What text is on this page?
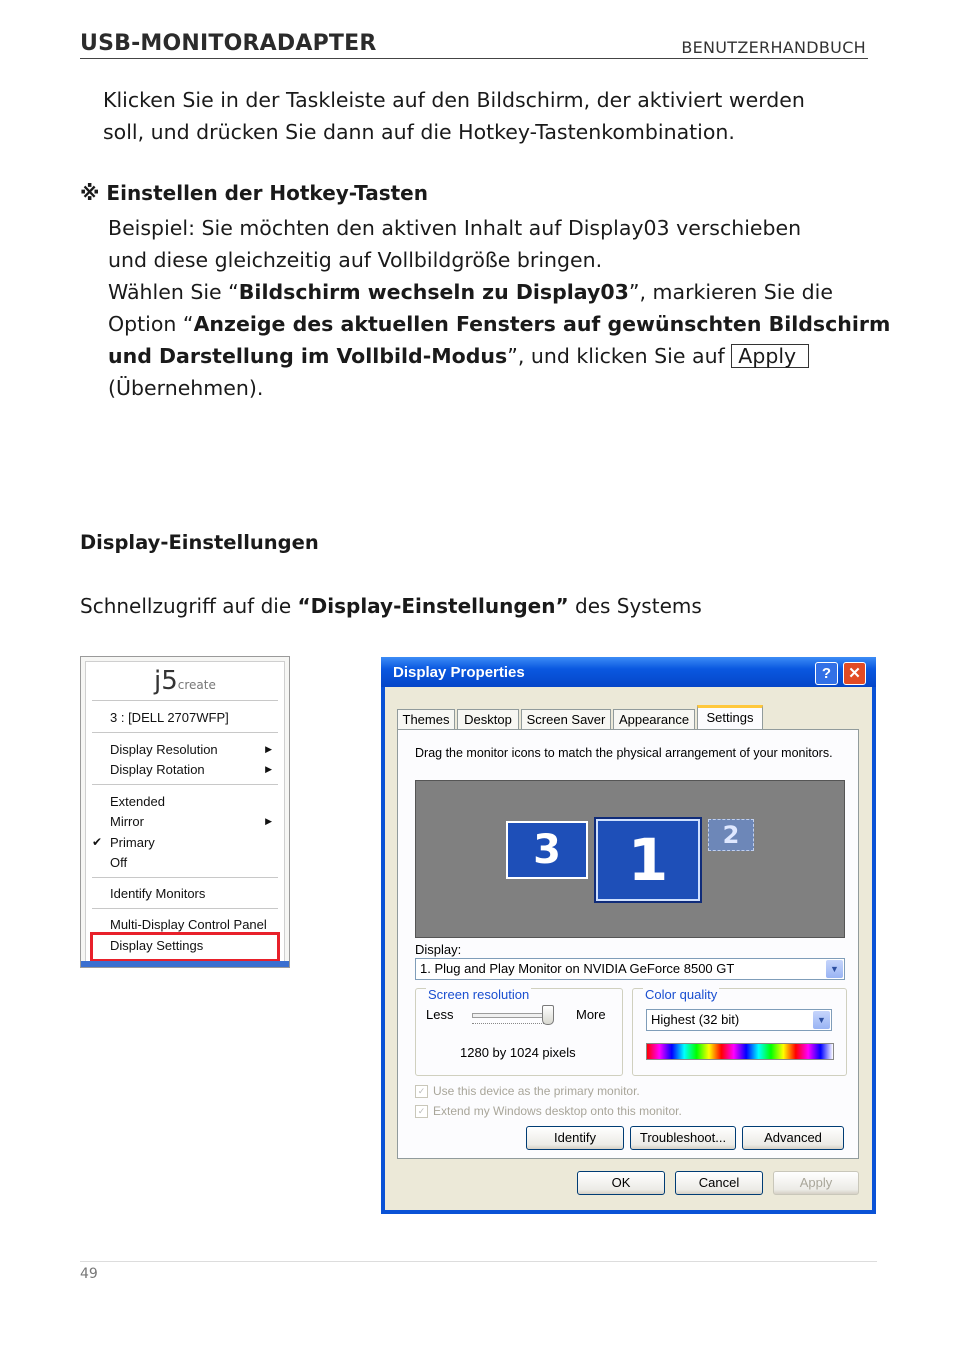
USB-MONITORADAPTER	BENUTZERHANDBUCH
Klicken Sie in der Taskleiste auf den Bildschirm, der aktiviert werden
soll, und drücken Sie dann auf die Hotkey-Tastenkombination.
※ Einstellen der Hotkey-Tasten
Beispiel: Sie möchten den aktiven Inhalt auf Display03 verschieben
und diese gleichzeitig auf Vollbildgröße bringen.
Wählen Sie “Bildschirm wechseln zu Display03”, markieren Sie die
Option “Anzeige des aktuellen Fensters auf gewünschten Bildschirm
und Darstellung im Vollbild-Modus”, und klicken Sie auf Apply
(Übernehmen).
Display-Einstellungen
Schnellzugriff auf die “Display-Einstellungen” des Systems
j5create
3 : [DELL 2707WFP]
Display Resolution	▶
Display Rotation	▶
Extended
Mirror	▶
✔ Primary
Off
Identify Monitors
Multi-Display Control Panel
Display Settings
Display Properties	?	✕
Themes	Desktop	Screen Saver	Appearance	Settings
Drag the monitor icons to match the physical arrangement of your monitors.
3	1	2
Display:
1. Plug and Play Monitor on NVIDIA GeForce 8500 GT	▼
Screen resolution
Less	More
1280 by 1024 pixels
Color quality
Highest (32 bit)	▼
✓ Use this device as the primary monitor.
✓ Extend my Windows desktop onto this monitor.
Identify	Troubleshoot...	Advanced
OK	Cancel	Apply
49
